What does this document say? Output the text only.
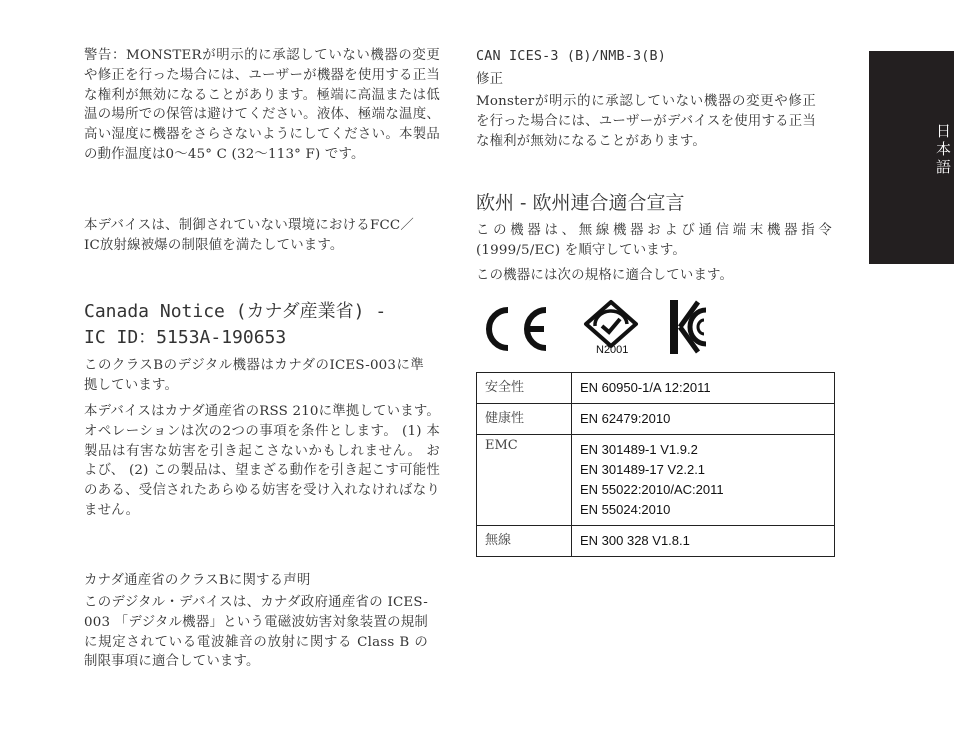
警告：MONSTERが明示的に承認していない機器の変更や修正を行った場合には、ユーザーが機器を使用する正当な権利が無効になることがあります。極端に高温または低温の場所での保管は避けてください。液体、極端な温度、高い湿度に機器をさらさないようにしてください。本製品の動作温度は0〜45° C (32〜113° F) です。

本デバイスは、制御されていない環境におけるFCC／IC放射線被爆の制限値を満たしています。

Canada Notice (カナダ産業省) -
IC ID：5153A-190653

このクラスBのデジタル機器はカナダのICES-003に準拠しています。

本デバイスはカナダ通産省のRSS 210に準拠しています。オペレーションは次の2つの事項を条件とします。 (1) 本製品は有害な妨害を引き起こさないかもしれません。 および、 (2) この製品は、望まざる動作を引き起こす可能性のある、受信されたあらゆる妨害を受け入れなければなりません。

カナダ通産省のクラスBに関する声明

このデジタル・デバイスは、カナダ政府通産省の ICES-003 「デジタル機器」という電磁波妨害対象装置の規制に規定されている電波雑音の放射に関する Class B の制限事項に適合しています。

CAN ICES-3 (B)/NMB-3(B)

修正

Monsterが明示的に承認していない機器の変更や修正を行った場合には、ユーザーがデバイスを使用する正当な権利が無効になることがあります。

欧州 - 欧州連合適合宣言

この機器は、無線機器および通信端末機器指令 (1999/5/EC) を順守しています。

この機器には次の規格に適合しています。

N2001
安全性	EN 60950-1/A 12:2011

健康性	EN 62479:2010

EMC	EN 301489-1 V1.9.2
EN 301489-17 V2.2.1
EN 55022:2010/AC:2011
EN 55024:2010

無線	EN 300 328 V1.8.1
日本語
